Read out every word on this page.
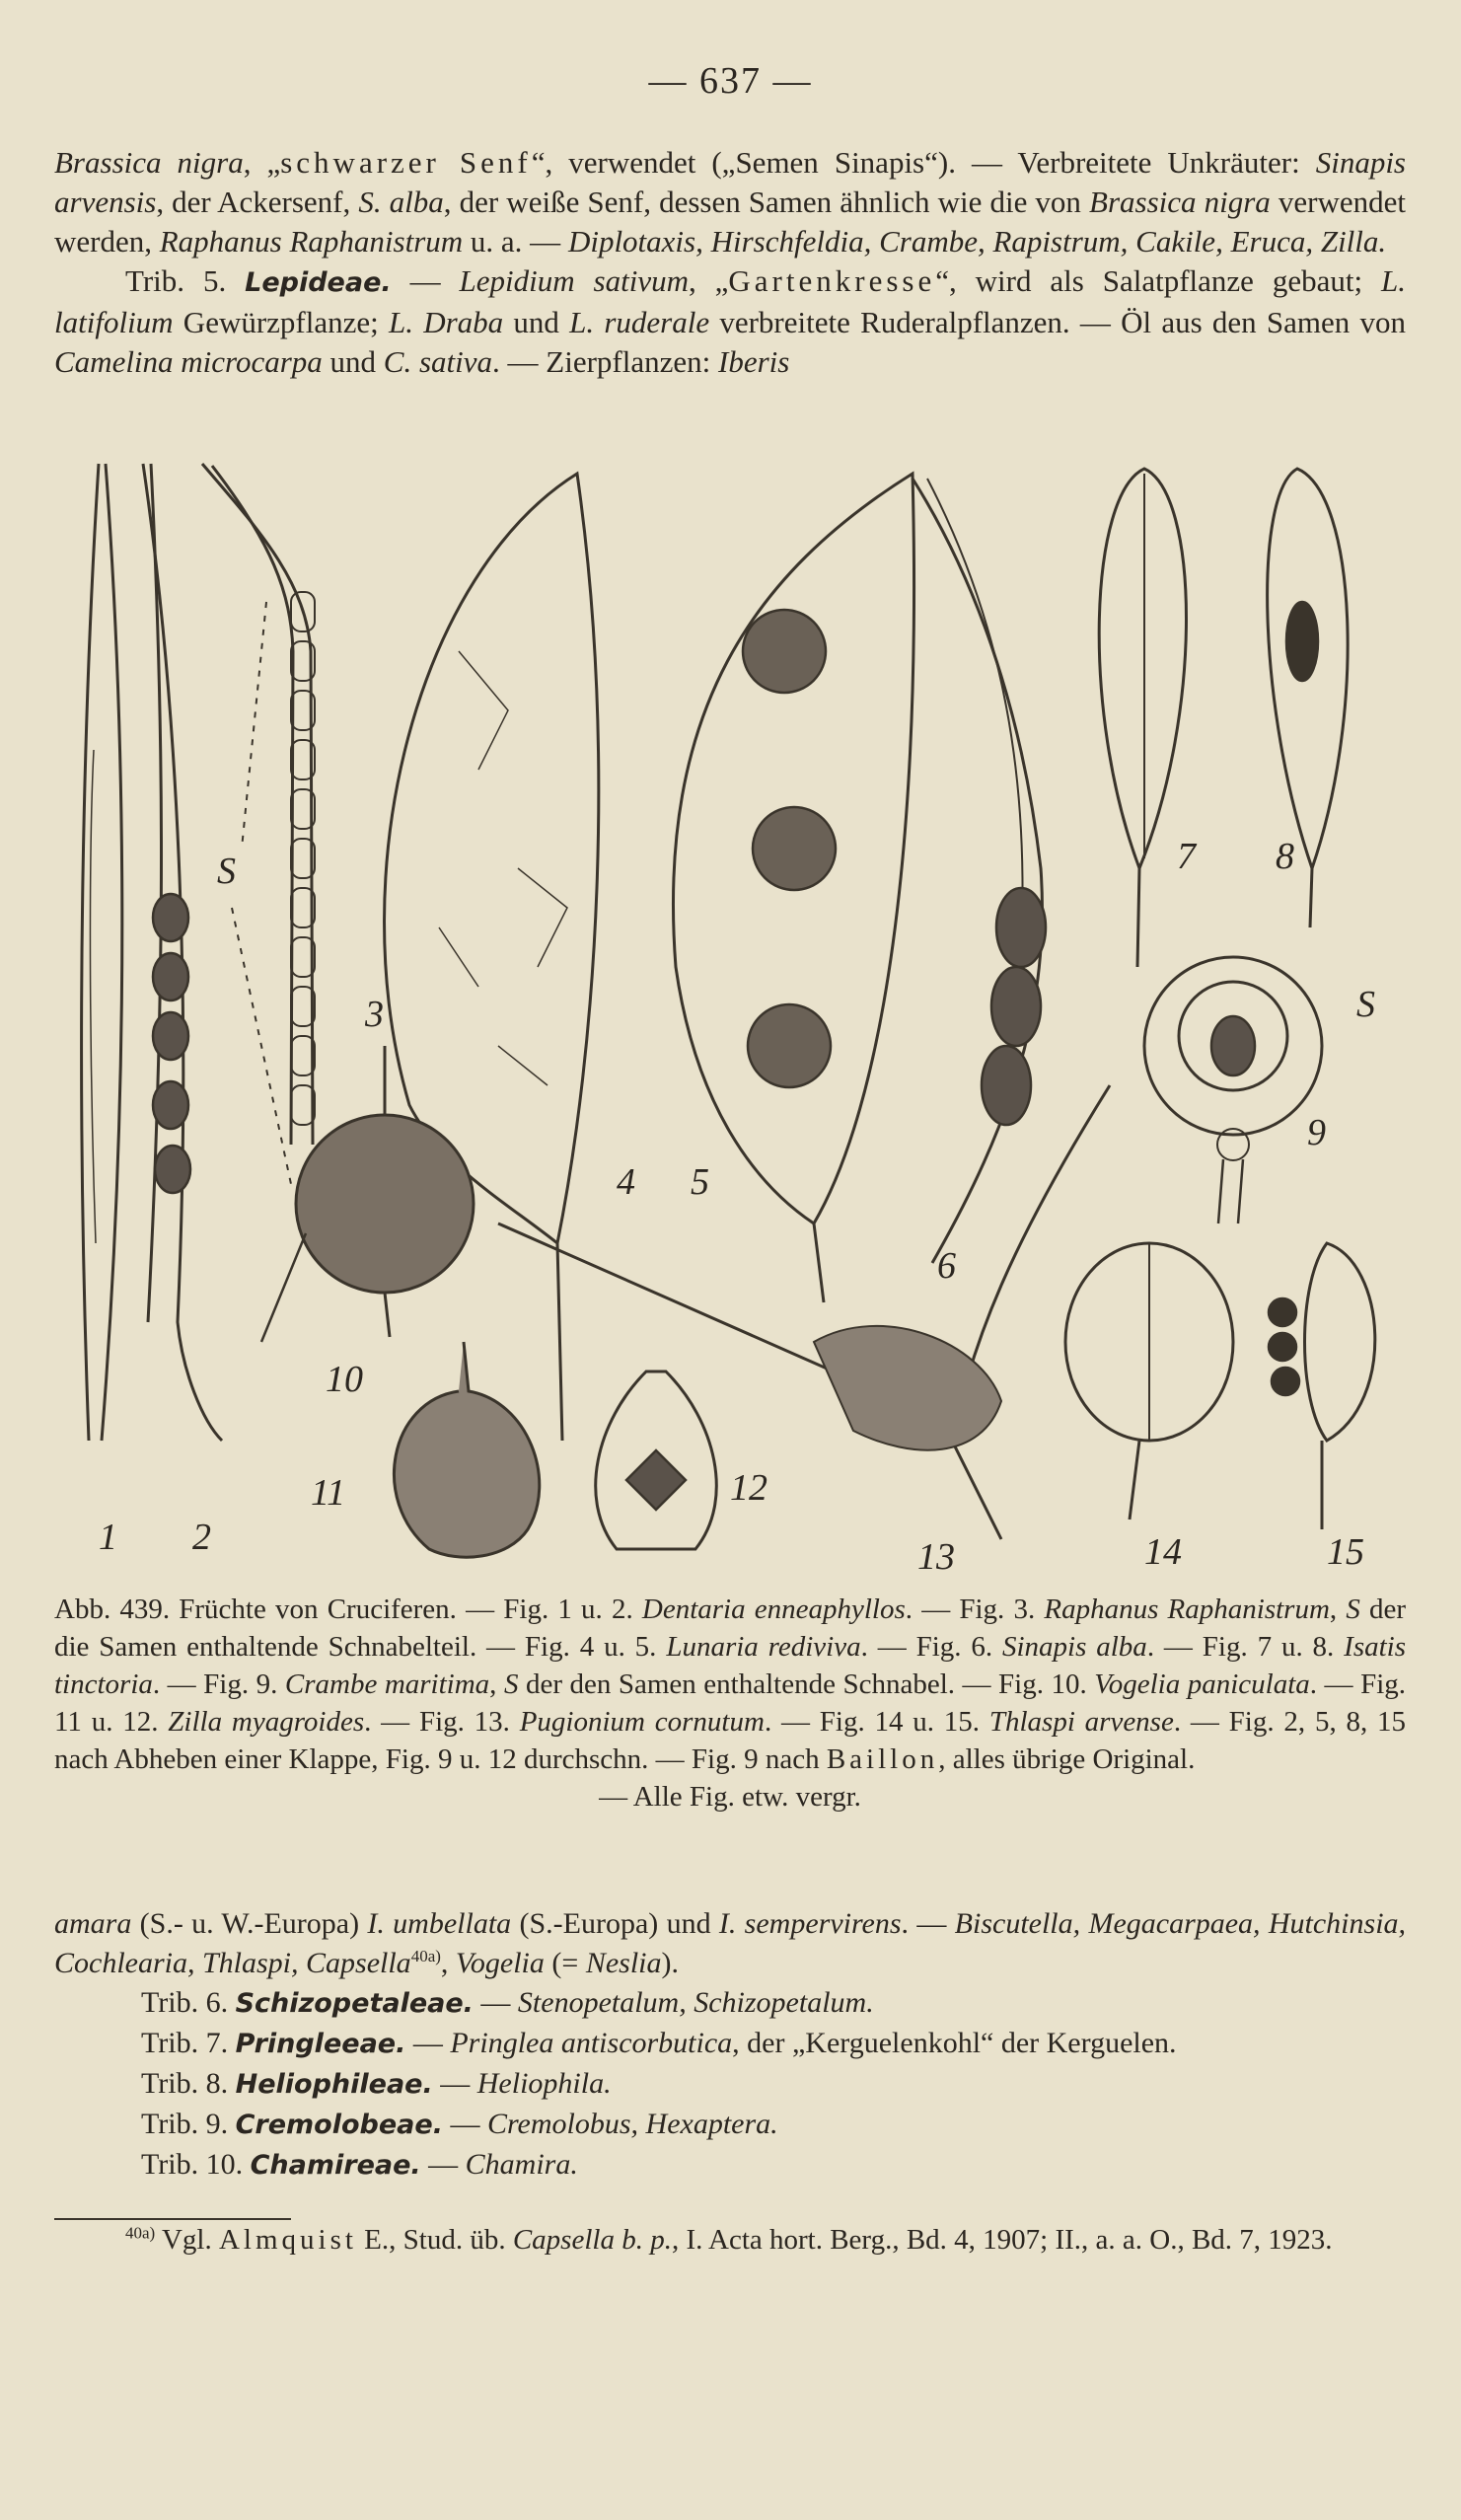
— 637 —

Brassica nigra, „schwarzer Senf“, verwendet („Semen Sinapis“). — Verbreitete Unkräuter: Sinapis arvensis, der Ackersenf, S. alba, der weiße Senf, dessen Samen ähnlich wie die von Brassica nigra verwendet werden, Raphanus Raphanistrum u. a. — Diplotaxis, Hirschfeldia, Crambe, Rapistrum, Cakile, Eruca, Zilla.

Trib. 5. Lepideae. — Lepidium sativum, „Gartenkresse“, wird als Salatpflanze gebaut; L. latifolium Gewürzpflanze; L. Draba und L. ruderale verbreitete Ruderalpflanzen. — Öl aus den Samen von Camelina microcarpa und C. sativa. — Zierpflanzen: Iberis

1 2
3
4 5
6
7 8
9
10
11	12
13	14	15
S
S

Abb. 439. Früchte von Cruciferen. — Fig. 1 u. 2. Dentaria enneaphyllos. — Fig. 3. Raphanus Raphanistrum, S der die Samen enthaltende Schnabelteil. — Fig. 4 u. 5. Lunaria rediviva. — Fig. 6. Sinapis alba. — Fig. 7 u. 8. Isatis tinctoria. — Fig. 9. Crambe maritima, S der den Samen enthaltende Schnabel. — Fig. 10. Vogelia paniculata. — Fig. 11 u. 12. Zilla myagroides. — Fig. 13. Pugionium cornutum. — Fig. 14 u. 15. Thlaspi arvense. — Fig. 2, 5, 8, 15 nach Abheben einer Klappe, Fig. 9 u. 12 durchschn. — Fig. 9 nach Baillon, alles übrige Original.

— Alle Fig. etw. vergr.

amara (S.- u. W.-Europa) I. umbellata (S.-Europa) und I. sempervirens. — Biscutella, Megacarpaea, Hutchinsia, Cochlearia, Thlaspi, Capsella$^{40a)}$, Vogelia (= Neslia).

Trib. 6. Schizopetaleae. — Stenopetalum, Schizopetalum.
Trib. 7. Pringleeae. — Pringlea antiscorbutica, der „Kerguelenkohl“ der Kerguelen.
Trib. 8. Heliophileae. — Heliophila.
Trib. 9. Cremolobeae. — Cremolobus, Hexaptera.
Trib. 10. Chamireae. — Chamira.

$^{40a)}$ Vgl. Almquist E., Stud. üb. Capsella b. p., I. Acta hort. Berg., Bd. 4, 1907; II., a. a. O., Bd. 7, 1923.
